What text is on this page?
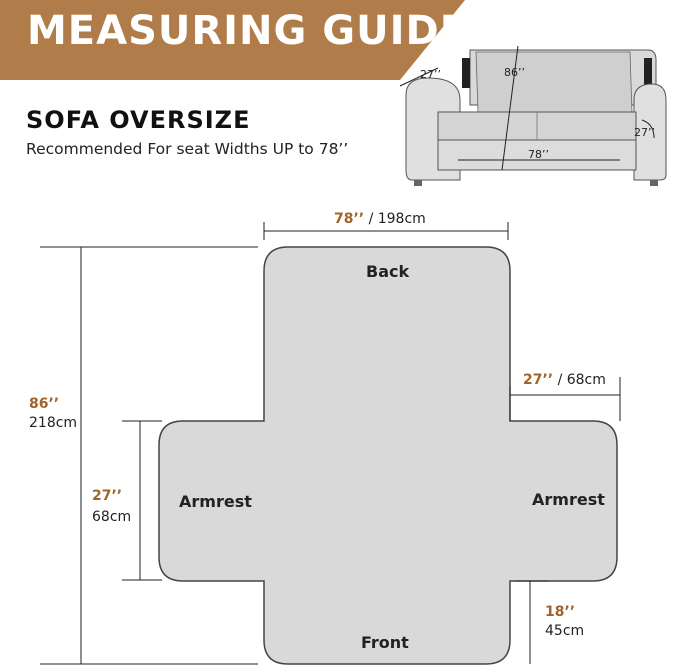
MEASURING GUIDE
SOFA OVERSIZE
Recommended For seat Widths UP to 78’’
27’’	86’’
27’’
78’’
Back
Armrest	Armrest
Front
78’’ / 198cm
86’’
218cm
27’’
68cm
27’’ / 68cm
18’’
45cm
